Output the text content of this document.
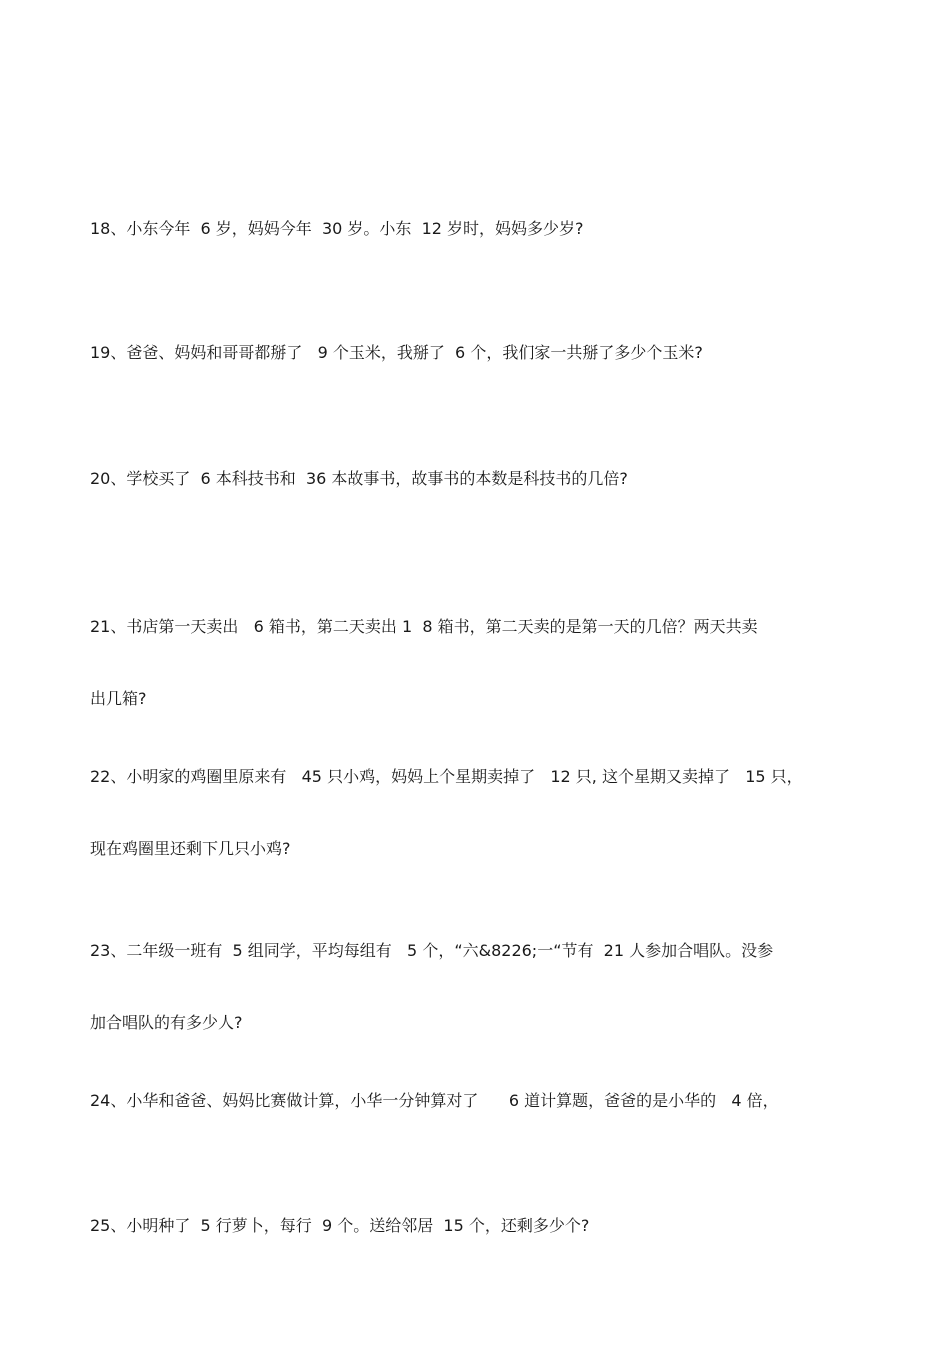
18、小东今年  6 岁，妈妈今年  30 岁。小东  12 岁时，妈妈多少岁?

19、爸爸、妈妈和哥哥都掰了   9 个玉米，我掰了  6 个，我们家一共掰了多少个玉米?

20、学校买了  6 本科技书和  36 本故事书，故事书的本数是科技书的几倍?

21、书店第一天卖出   6 箱书，第二天卖出 1  8 箱书，第二天卖的是第一天的几倍？两天共卖

出几箱?

22、小明家的鸡圈里原来有   45 只小鸡，妈妈上个星期卖掉了   12 只, 这个星期又卖掉了   15 只，

现在鸡圈里还剩下几只小鸡?

23、二年级一班有  5 组同学，平均每组有   5 个，“六&8226;一“节有  21 人参加合唱队。没参

加合唱队的有多少人?

24、小华和爸爸、妈妈比赛做计算，小华一分钟算对了      6 道计算题，爸爸的是小华的   4 倍，

25、小明种了  5 行萝卜，每行  9 个。送给邻居  15 个，还剩多少个?
